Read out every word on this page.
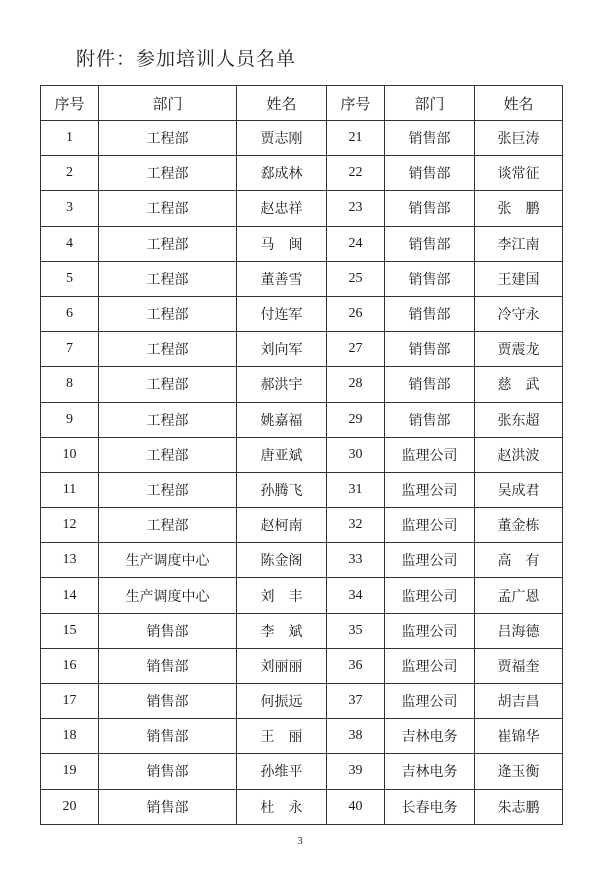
附件：参加培训人员名单
序号	部门	姓名	序号	部门	姓名
1	工程部	贾志刚	21	销售部	张巨涛
2	工程部	郄成林	22	销售部	谈常征
3	工程部	赵忠祥	23	销售部	张　鹏
4	工程部	马　闽	24	销售部	李江南
5	工程部	董善雪	25	销售部	王建国
6	工程部	付连军	26	销售部	冷守永
7	工程部	刘向军	27	销售部	贾震龙
8	工程部	郝洪宇	28	销售部	慈　武
9	工程部	姚嘉福	29	销售部	张东超
10	工程部	唐亚斌	30	监理公司	赵洪波
11	工程部	孙腾飞	31	监理公司	吴成君
12	工程部	赵柯南	32	监理公司	董金栋
13	生产调度中心	陈金阁	33	监理公司	高　有
14	生产调度中心	刘　丰	34	监理公司	孟广恩
15	销售部	李　斌	35	监理公司	吕海德
16	销售部	刘丽丽	36	监理公司	贾福奎
17	销售部	何振远	37	监理公司	胡吉昌
18	销售部	王　丽	38	吉林电务	崔锦华
19	销售部	孙维平	39	吉林电务	逄玉衡
20	销售部	杜　永	40	长春电务	朱志鹏
3
